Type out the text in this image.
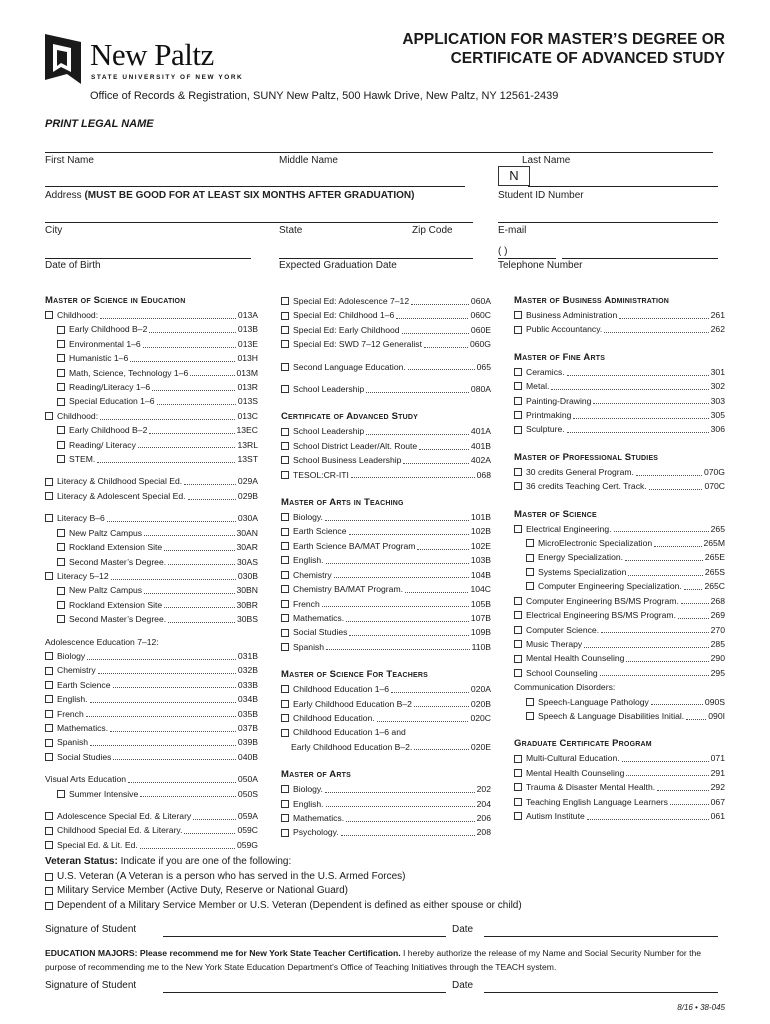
New Paltz
STATE UNIVERSITY OF NEW YORK
APPLICATION FOR MASTER’S DEGREE OR
CERTIFICATE OF ADVANCED STUDY
Office of Records & Registration, SUNY New Paltz, 500 Hawk Drive, New Paltz, NY 12561-2439
PRINT LEGAL NAME
First Name	Middle Name	Last Name
N
Address (MUST BE GOOD FOR AT LEAST SIX MONTHS AFTER GRADUATION)	Student ID Number
City	State	Zip Code	E-mail
( )
Date of Birth	Expected Graduation Date	Telephone Number
Master of Science in Education
Childhood:	013A
Early Childhood B–2	013B
Environmental 1–6	013E
Humanistic 1–6	013H
Math, Science, Technology 1–6	013M
Reading/Literacy 1–6	013R
Special Education 1–6	013S
Childhood:	013C
Early Childhood B–2	13EC
Reading/ Literacy	13RL
STEM.	13ST
Literacy & Childhood Special Ed.	029A
Literacy & Adolescent Special Ed.	029B
Literacy B–6	030A
New Paltz Campus	30AN
Rockland Extension Site	30AR
Second Master’s Degree.	30AS
Literacy 5–12	030B
New Paltz Campus	30BN
Rockland Extension Site	30BR
Second Master’s Degree.	30BS
Adolescence Education 7–12:
Biology	031B
Chemistry	032B
Earth Science	033B
English.	034B
French	035B
Mathematics.	037B
Spanish	039B
Social Studies	040B
Visual Arts Education	050A
Summer Intensive	050S
Adolescence Special Ed. & Literary	059A
Childhood Special Ed. & Literary.	059C
Special Ed. & Lit. Ed.	059G
Special Ed: Adolescence 7–12	060A
Special Ed: Childhood 1–6	060C
Special Ed: Early Childhood	060E
Special Ed: SWD 7–12 Generalist	060G
Second Language Education.	065
School Leadership	080A
Certificate of Advanced Study
School Leadership	401A
School District Leader/Alt. Route	401B
School Business Leadership	402A
TESOL:CR-ITI	068
Master of Arts in Teaching
Biology.	101B
Earth Science	102B
Earth Science BA/MAT Program	102E
English.	103B
Chemistry	104B
Chemistry BA/MAT Program.	104C
French	105B
Mathematics.	107B
Social Studies	109B
Spanish	110B
Master of Science For Teachers
Childhood Education 1–6	020A
Early Childhood Education B–2	020B
Childhood Education.	020C
Childhood Education 1–6 and
Early Childhood Education B–2.	020E
Master of Arts
Biology.	202
English.	204
Mathematics.	206
Psychology.	208
Master of Business Administration
Business Administration	261
Public Accountancy.	262
Master of Fine Arts
Ceramics.	301
Metal.	302
Painting-Drawing	303
Printmaking	305
Sculpture.	306
Master of Professional Studies
30 credits General Program.	070G
36 credits Teaching Cert. Track.	070C
Master of Science
Electrical Engineering.	265
MicroElectronic Specialization	265M
Energy Specialization.	265E
Systems Specialization	265S
Computer Engineering Specialization.	265C
Computer Engineering BS/MS Program.	268
Electrical Engineering BS/MS Program.	269
Computer Science.	270
Music Therapy	285
Mental Health Counseling	290
School Counseling	295
Communication Disorders:
Speech-Language Pathology	090S
Speech & Language Disabilities Initial.	090I
Graduate Certificate Program
Multi-Cultural Education.	071
Mental Health Counseling	291
Trauma & Disaster Mental Health.	292
Teaching English Language Learners	067
Autism Institute	061
Veteran Status: Indicate if you are one of the following:
U.S. Veteran (A Veteran is a person who has served in the U.S. Armed Forces)
Military Service Member (Active Duty, Reserve or National Guard)
Dependent of a Military Service Member or U.S. Veteran (Dependent is defined as either spouse or child)
Signature of Student	Date
EDUCATION MAJORS: Please recommend me for New York State Teacher Certification. I hereby authorize the release of my Name and Social Security Number for the purpose of recommending me to the New York State Education Department's Office of Teaching Initiatives through the TEACH system.
Signature of Student	Date
8/16 • 38-045
